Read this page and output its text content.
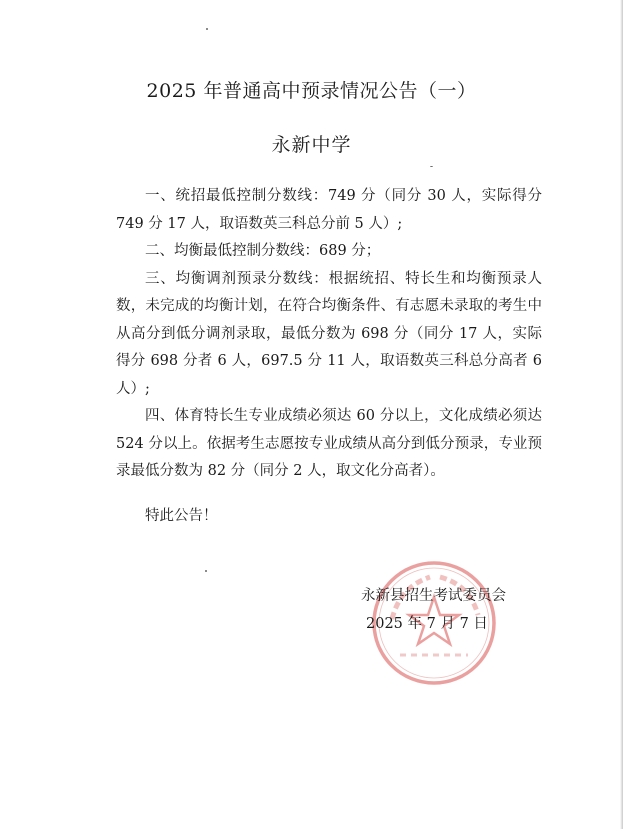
2025 年普通高中预录情况公告（一）
永新中学

一、统招最低控制分数线：749 分（同分 30 人，实际得分 749 分 17 人，取语数英三科总分前 5 人）;

二、均衡最低控制分数线：689 分；

三、均衡调剂预录分数线：根据统招、特长生和均衡预录人数，未完成的均衡计划，在符合均衡条件、有志愿未录取的考生中从高分到低分调剂录取，最低分数为 698 分（同分 17 人，实际得分 698 分者 6 人，697.5 分 11 人，取语数英三科总分高者 6 人）;

四、体育特长生专业成绩必须达 60 分以上，文化成绩必须达 524 分以上。依据考生志愿按专业成绩从高分到低分预录，专业预录最低分数为 82 分（同分 2 人，取文化分高者）。

特此公告！
永新县招生考试委员会
2025 年 7 月 7 日
